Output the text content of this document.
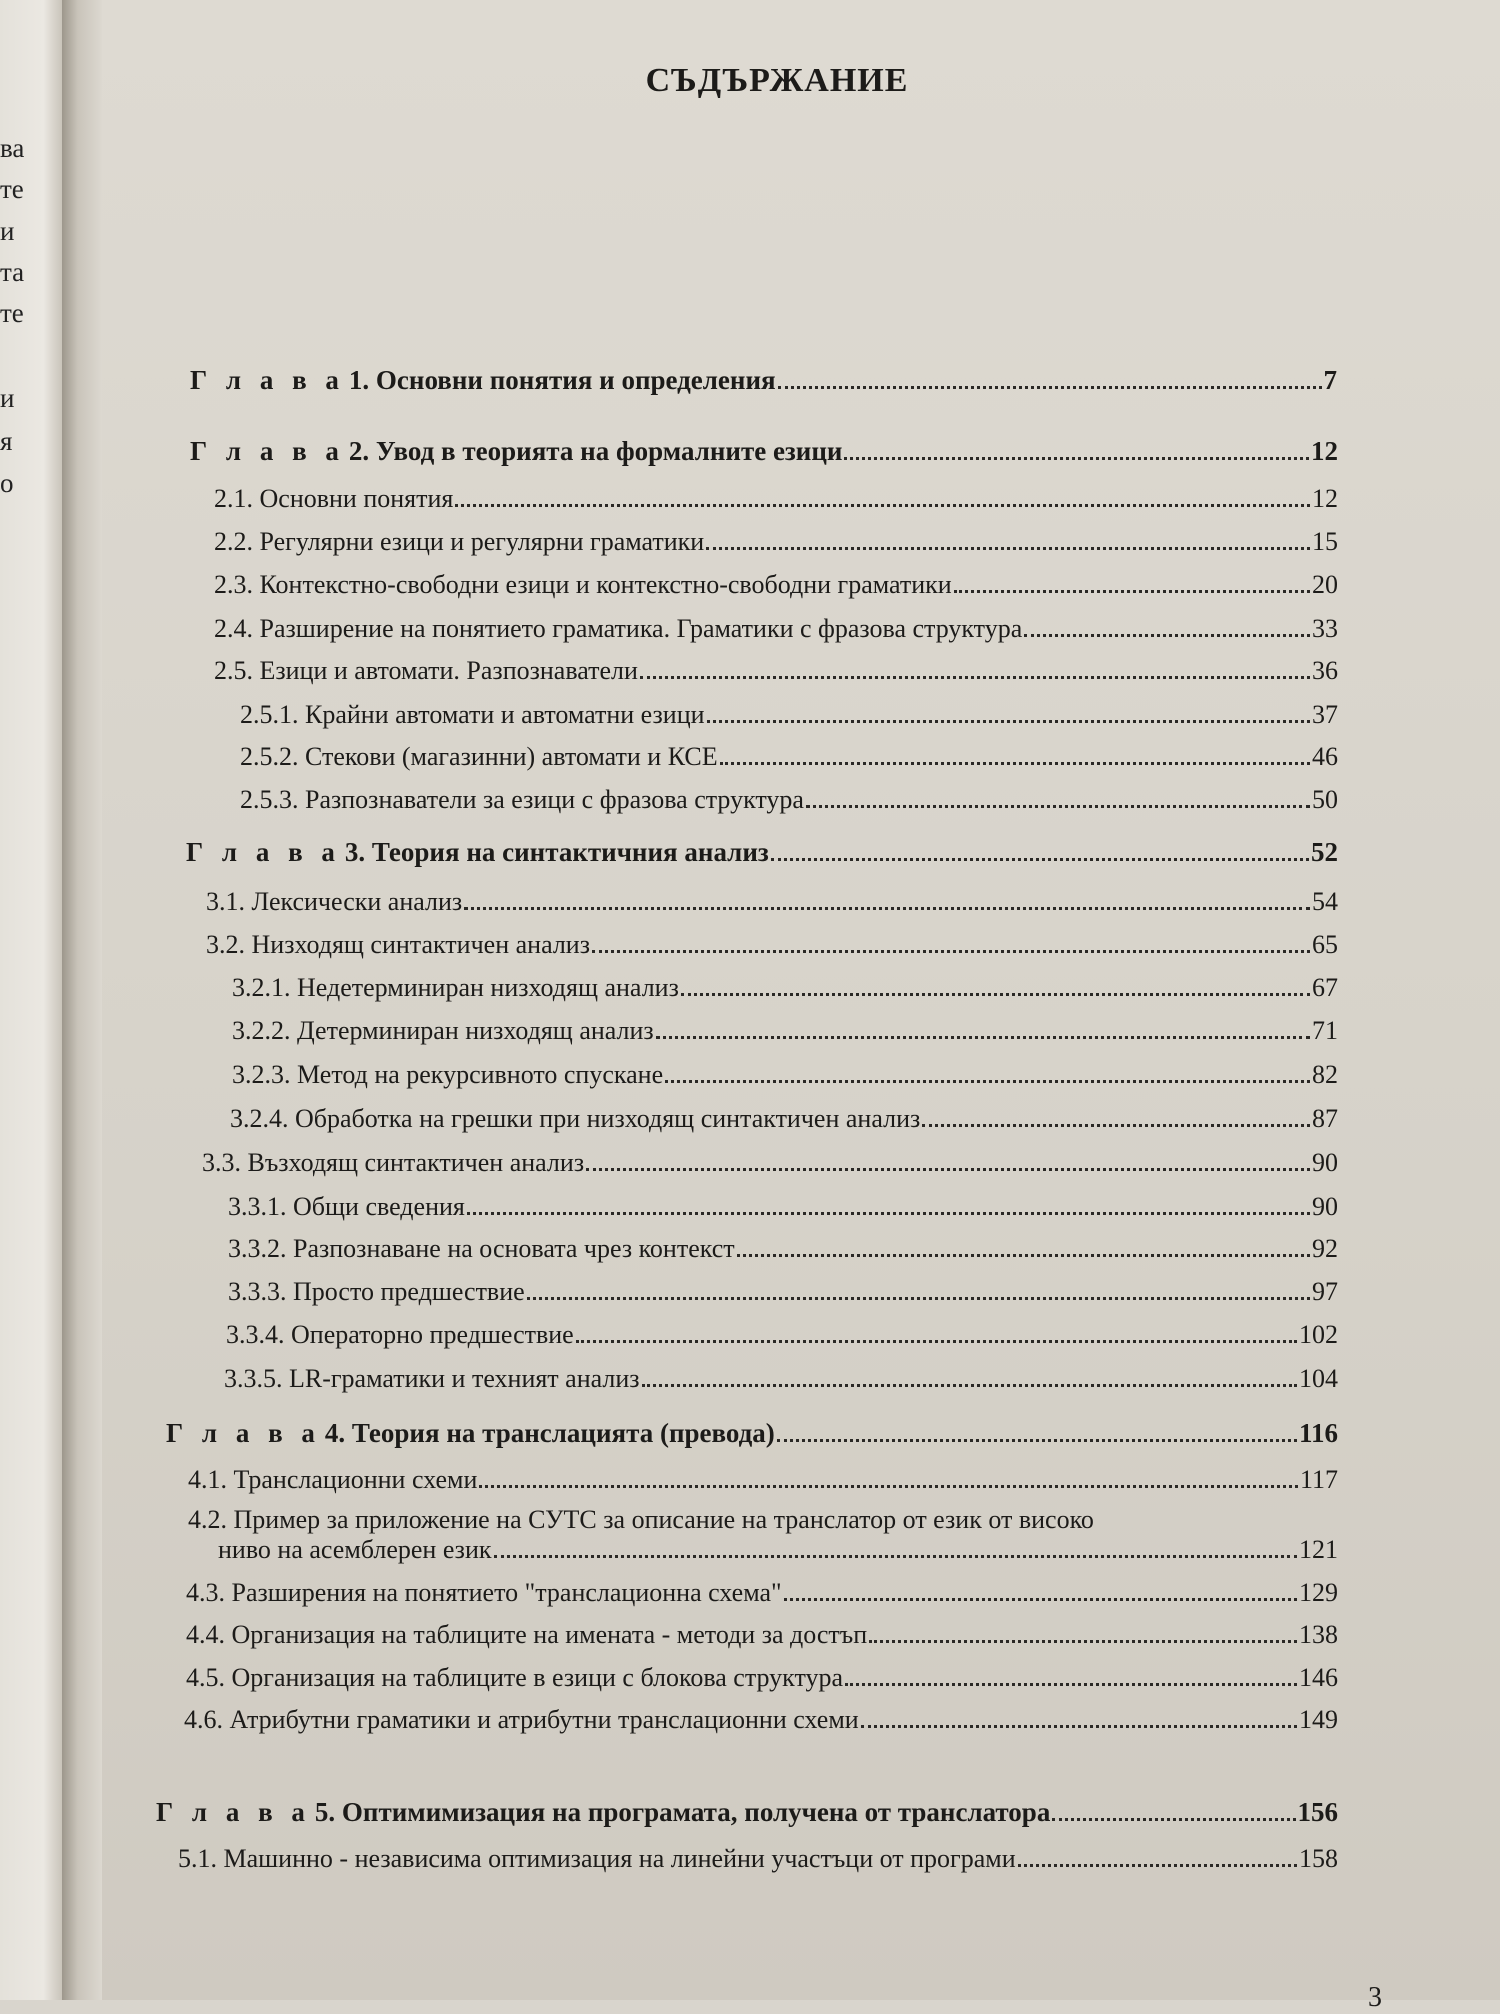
ва
те
и
та
те
и
я
о
СЪДЪРЖАНИЕ
Г л а в а 1. Основни понятия и определения	7
Г л а в а 2. Увод в теорията на формалните езици	12
2.1. Основни понятия	12
2.2. Регулярни езици и регулярни граматики	15
2.3. Контекстно-свободни езици и контекстно-свободни граматики	20
2.4. Разширение на понятието граматика. Граматики с фразова структура	33
2.5. Езици и автомати. Разпознаватели	36
2.5.1. Крайни автомати и автоматни езици	37
2.5.2. Стекови (магазинни) автомати и КСЕ	46
2.5.3. Разпознаватели за езици с фразова структура	50
Г л а в а 3. Теория на синтактичния анализ	52
3.1. Лексически анализ	54
3.2. Низходящ синтактичен анализ	65
3.2.1. Недетерминиран низходящ анализ	67
3.2.2. Детерминиран низходящ анализ	71
3.2.3. Метод на рекурсивното спускане	82
3.2.4. Обработка на грешки при низходящ синтактичен анализ	87
3.3. Възходящ синтактичен анализ	90
3.3.1. Общи сведения	90
3.3.2. Разпознаване на основата чрез контекст	92
3.3.3. Просто предшествие	97
3.3.4. Операторно предшествие	102
3.3.5. LR-граматики и техният анализ	104
Г л а в а 4. Теория на транслацията (превода)	116
4.1. Транслационни схеми	117
4.2. Пример за приложение на СУТС за описание на транслатор от език от високо
ниво на асемблерен език	121
4.3. Разширения на понятието "транслационна схема"	129
4.4. Организация на таблиците на имената - методи за достъп	138
4.5. Организация на таблиците в езици с блокова структура	146
4.6. Атрибутни граматики и атрибутни транслационни схеми	149
Г л а в а 5. Оптимимизация на програмата, получена от транслатора	156
5.1. Машинно - независима оптимизация на линейни участъци от програми	158
3
